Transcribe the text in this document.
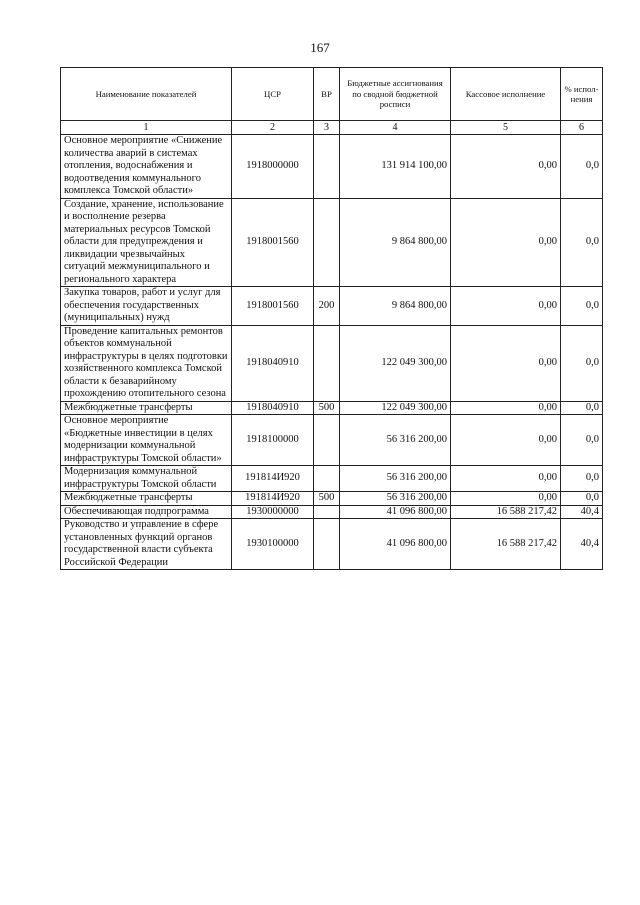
167
Наименование показателей	ЦСР	ВР	Бюджетные ассигнования по сводной бюджетной росписи	Кассовое исполнение	% испол-нения
1	2	3	4	5	6
Основное мероприятие «Снижение количества аварий в системах отопления, водоснабжения и водоотведения коммунального комплекса Томской области»	1918000000		131 914 100,00	0,00	0,0
Создание, хранение, использование и восполнение резерва материальных ресурсов Томской области для предупреждения и ликвидации чрезвычайных ситуаций межмуниципального и регионального характера	1918001560		9 864 800,00	0,00	0,0
Закупка товаров, работ и услуг для обеспечения государственных (муниципальных) нужд	1918001560	200	9 864 800,00	0,00	0,0
Проведение капитальных ремонтов объектов коммунальной инфраструктуры в целях подготовки хозяйственного комплекса Томской области к безаварийному прохождению отопительного сезона	1918040910		122 049 300,00	0,00	0,0
Межбюджетные трансферты	1918040910	500	122 049 300,00	0,00	0,0
Основное мероприятие «Бюджетные инвестиции в целях модернизации коммунальной инфраструктуры Томской области»	1918100000		56 316 200,00	0,00	0,0
Модернизация коммунальной инфраструктуры Томской области	191814И920		56 316 200,00	0,00	0,0
Межбюджетные трансферты	191814И920	500	56 316 200,00	0,00	0,0
Обеспечивающая подпрограмма	1930000000		41 096 800,00	16 588 217,42	40,4
Руководство и управление в сфере установленных функций органов государственной власти субъекта Российской Федерации	1930100000		41 096 800,00	16 588 217,42	40,4
